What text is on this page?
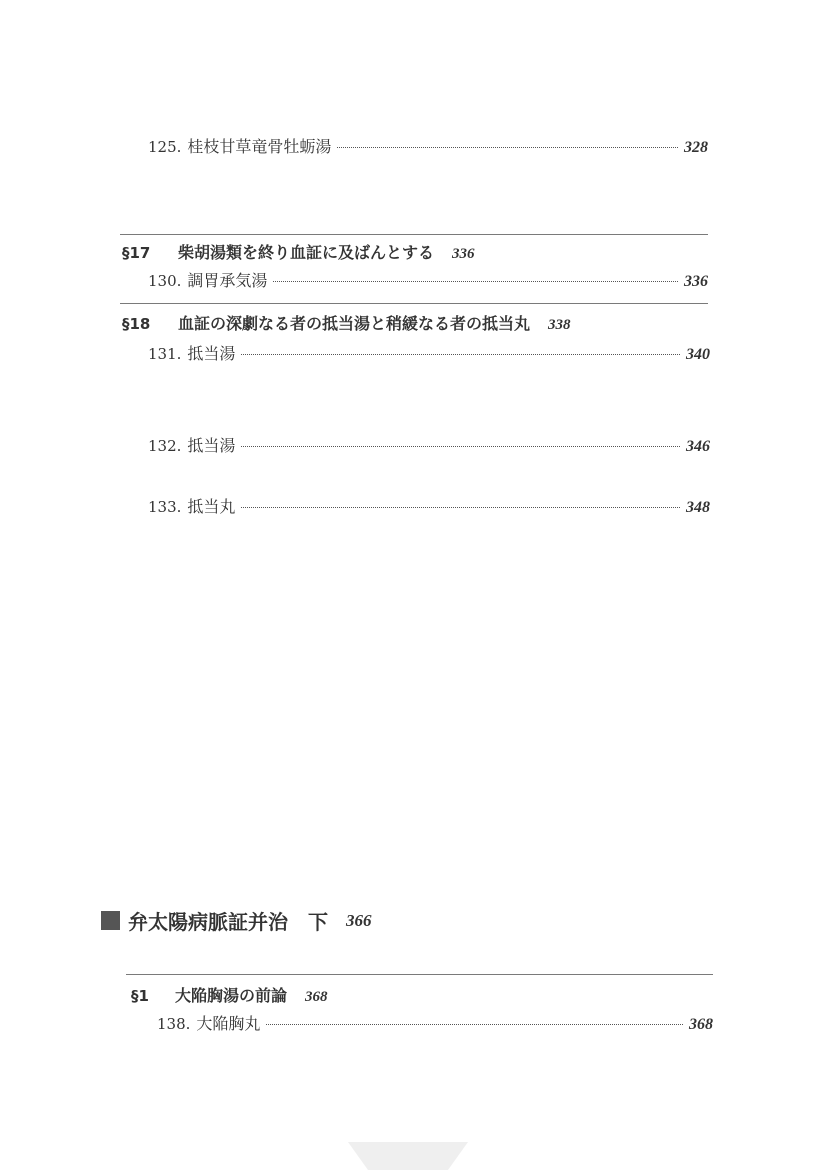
125. 桂枝甘草竜骨牡蛎湯	328
§17	柴胡湯類を終り血証に及ばんとする 336
130. 調胃承気湯	336
§18	血証の深劇なる者の抵当湯と稍緩なる者の抵当丸 338
131. 抵当湯	340
132. 抵当湯	346
133. 抵当丸	348
弁太陽病脈証并治　下 366
§1	大陥胸湯の前論 368
138. 大陥胸丸	368
